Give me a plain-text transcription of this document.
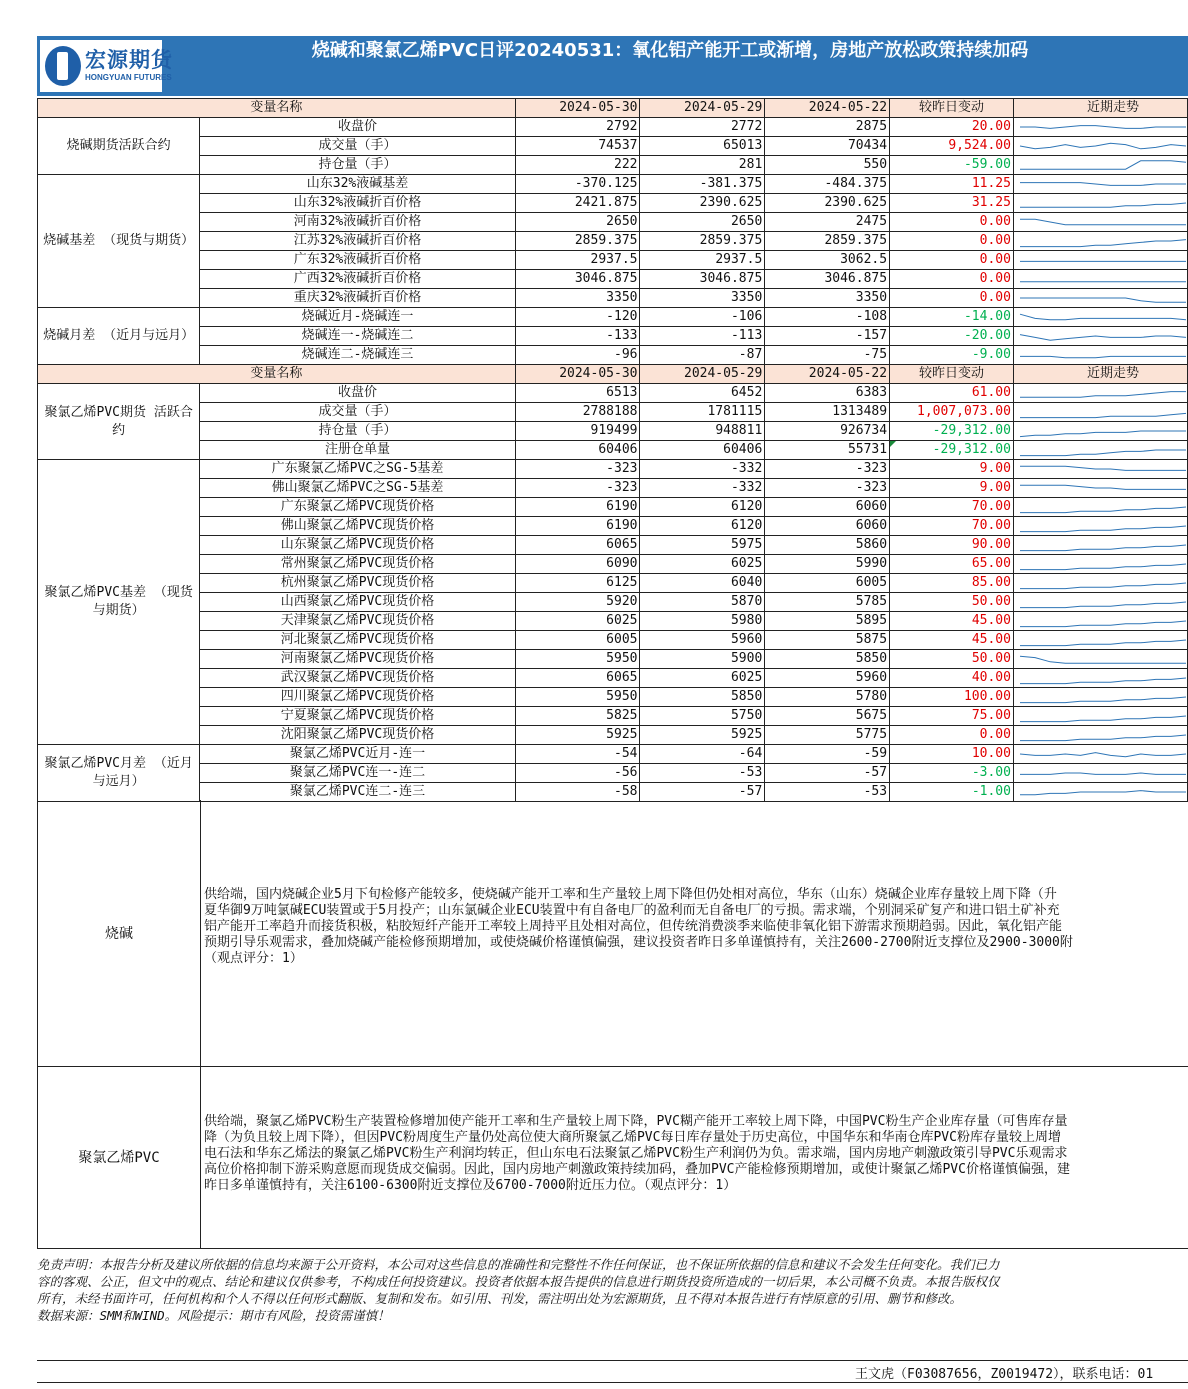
宏源期货
HONGYUAN FUTURES
烧碱和聚氯乙烯PVC日评20240531：氧化铝产能开工或渐增，房地产放松政策持续加码
变量名称		2024-05-30	2024-05-29	2024-05-22	较昨日变动	近期走势
烧碱期货活跃合约	收盘价	2792	2772	2875	20.00	

	成交量（手）	74537	65013	70434	9,524.00	

	持仓量（手）	222	281	550	-59.00	

烧碱基差 （现货与期货）	山东32%液碱基差	-370.125	-381.375	-484.375	11.25	

	山东32%液碱折百价格	2421.875	2390.625	2390.625	31.25	

	河南32%液碱折百价格	2650	2650	2475	0.00	

	江苏32%液碱折百价格	2859.375	2859.375	2859.375	0.00	

	广东32%液碱折百价格	2937.5	2937.5	3062.5	0.00	

	广西32%液碱折百价格	3046.875	3046.875	3046.875	0.00	

	重庆32%液碱折百价格	3350	3350	3350	0.00	

烧碱月差 （近月与远月）	烧碱近月-烧碱连一	-120	-106	-108	-14.00	

	烧碱连一-烧碱连二	-133	-113	-157	-20.00	

	烧碱连二-烧碱连三	-96	-87	-75	-9.00	

变量名称		2024-05-30	2024-05-29	2024-05-22	较昨日变动	近期走势
聚氯乙烯PVC期货 活跃合约	收盘价	6513	6452	6383	61.00	

	成交量（手）	2788188	1781115	1313489	1,007,073.00	

	持仓量（手）	919499	948811	926734	-29,312.00	

	注册仓单量	60406	60406	55731	-29,312.00	

聚氯乙烯PVC基差 （现货与期货）	广东聚氯乙烯PVC之SG-5基差	-323	-332	-323	9.00	

	佛山聚氯乙烯PVC之SG-5基差	-323	-332	-323	9.00	

	广东聚氯乙烯PVC现货价格	6190	6120	6060	70.00	

	佛山聚氯乙烯PVC现货价格	6190	6120	6060	70.00	

	山东聚氯乙烯PVC现货价格	6065	5975	5860	90.00	

	常州聚氯乙烯PVC现货价格	6090	6025	5990	65.00	

	杭州聚氯乙烯PVC现货价格	6125	6040	6005	85.00	

	山西聚氯乙烯PVC现货价格	5920	5870	5785	50.00	

	天津聚氯乙烯PVC现货价格	6025	5980	5895	45.00	

	河北聚氯乙烯PVC现货价格	6005	5960	5875	45.00	

	河南聚氯乙烯PVC现货价格	5950	5900	5850	50.00	

	武汉聚氯乙烯PVC现货价格	6065	6025	5960	40.00	

	四川聚氯乙烯PVC现货价格	5950	5850	5780	100.00	

	宁夏聚氯乙烯PVC现货价格	5825	5750	5675	75.00	

	沈阳聚氯乙烯PVC现货价格	5925	5925	5775	0.00	

聚氯乙烯PVC月差 （近月与远月）	聚氯乙烯PVC近月-连一	-54	-64	-59	10.00	

	聚氯乙烯PVC连一-连二	-56	-53	-57	-3.00	

	聚氯乙烯PVC连二-连三	-58	-57	-53	-1.00	
烧碱
供给端，国内烧碱企业5月下旬检修产能较多，使烧碱产能开工率和生产量较上周下降但仍处相对高位，华东（山东）烧碱企业库存量较上周下降（升
夏华御9万吨氯碱ECU装置或于5月投产；山东氯碱企业ECU装置中有自备电厂的盈利而无自备电厂的亏损。需求端，个别洞采矿复产和进口铝土矿补充
铝产能开工率趋升而接货积极，粘胶短纤产能开工率较上周持平且处相对高位，但传统消费淡季来临使非氧化铝下游需求预期趋弱。因此，氧化铝产能
预期引导乐观需求，叠加烧碱产能检修预期增加，或使烧碱价格谨慎偏强，建议投资者昨日多单谨慎持有，关注2600-2700附近支撑位及2900-3000附
（观点评分：1）
聚氯乙烯PVC
供给端，聚氯乙烯PVC粉生产装置检修增加使产能开工率和生产量较上周下降，PVC糊产能开工率较上周下降，中国PVC粉生产企业库存量（可售库存量
降（为负且较上周下降），但因PVC粉周度生产量仍处高位使大商所聚氯乙烯PVC每日库存量处于历史高位，中国华东和华南仓库PVC粉库存量较上周增
电石法和华东乙烯法的聚氯乙烯PVC粉生产利润均转正，但山东电石法聚氯乙烯PVC粉生产利润仍为负。需求端，国内房地产刺激政策引导PVC乐观需求
高位价格抑制下游采购意愿而现货成交偏弱。因此，国内房地产刺激政策持续加码，叠加PVC产能检修预期增加，或使计聚氯乙烯PVC价格谨慎偏强，建
昨日多单谨慎持有，关注6100-6300附近支撑位及6700-7000附近压力位。（观点评分：1）
免责声明：本报告分析及建议所依据的信息均来源于公开资料，本公司对这些信息的准确性和完整性不作任何保证，也不保证所依据的信息和建议不会发生任何变化。我们已力
容的客观、公正，但文中的观点、结论和建议仅供参考，不构成任何投资建议。投资者依据本报告提供的信息进行期货投资所造成的一切后果，本公司概不负责。本报告版权仅
所有，未经书面许可，任何机构和个人不得以任何形式翻版、复制和发布。如引用、刊发，需注明出处为宏源期货，且不得对本报告进行有悖原意的引用、删节和修改。
数据来源：SMM和WIND。风险提示：期市有风险，投资需谨慎！
王文虎（F03087656，Z0019472），联系电话：01
